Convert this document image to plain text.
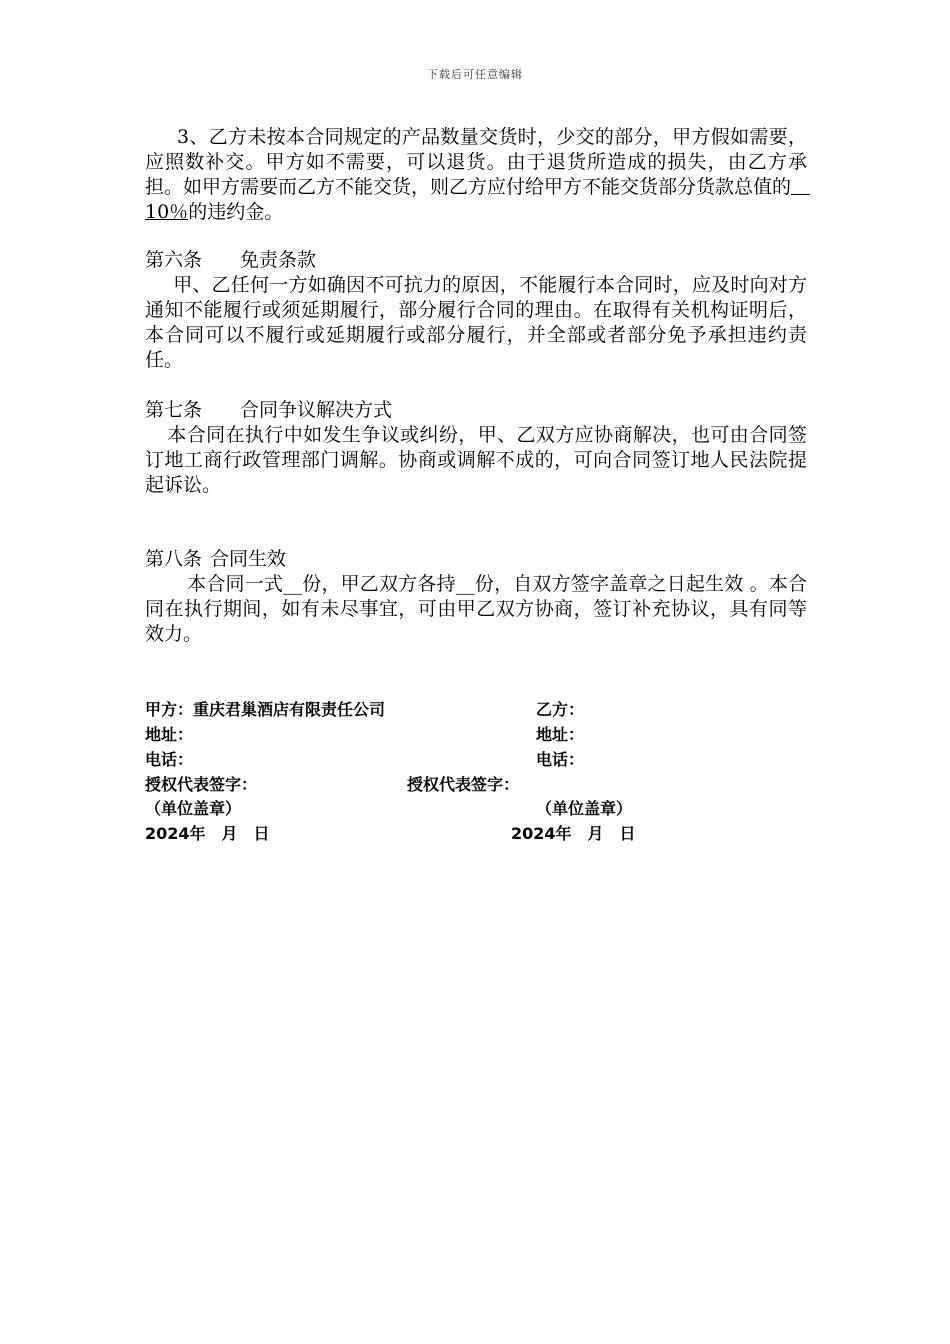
下载后可任意编辑
3、乙方未按本合同规定的产品数量交货时，少交的部分，甲方假如需要，应照数补交。甲方如不需要，可以退货。由于退货所造成的损失，由乙方承担。如甲方需要而乙方不能交货，则乙方应付给甲方不能交货部分货款总值的　10％的违约金。
第六条 免责条款
甲、乙任何一方如确因不可抗力的原因，不能履行本合同时，应及时向对方通知不能履行或须延期履行，部分履行合同的理由。在取得有关机构证明后，本合同可以不履行或延期履行或部分履行，并全部或者部分免予承担违约责任。
第七条 合同争议解决方式
本合同在执行中如发生争议或纠纷，甲、乙双方应协商解决，也可由合同签订地工商行政管理部门调解。协商或调解不成的，可向合同签订地人民法院提起诉讼。
第八条 合同生效
本合同一式__份，甲乙双方各持__份，自双方签字盖章之日起生效 。本合同在执行期间，如有未尽事宜，可由甲乙双方协商，签订补充协议，具有同等效力。
甲方：重庆君巢酒店有限责任公司	乙方：
地址：	地址：
电话：	电话：
授权代表签字：	授权代表签字：
（单位盖章）	（单位盖章）
2024年　月　日	2024年　月　日
